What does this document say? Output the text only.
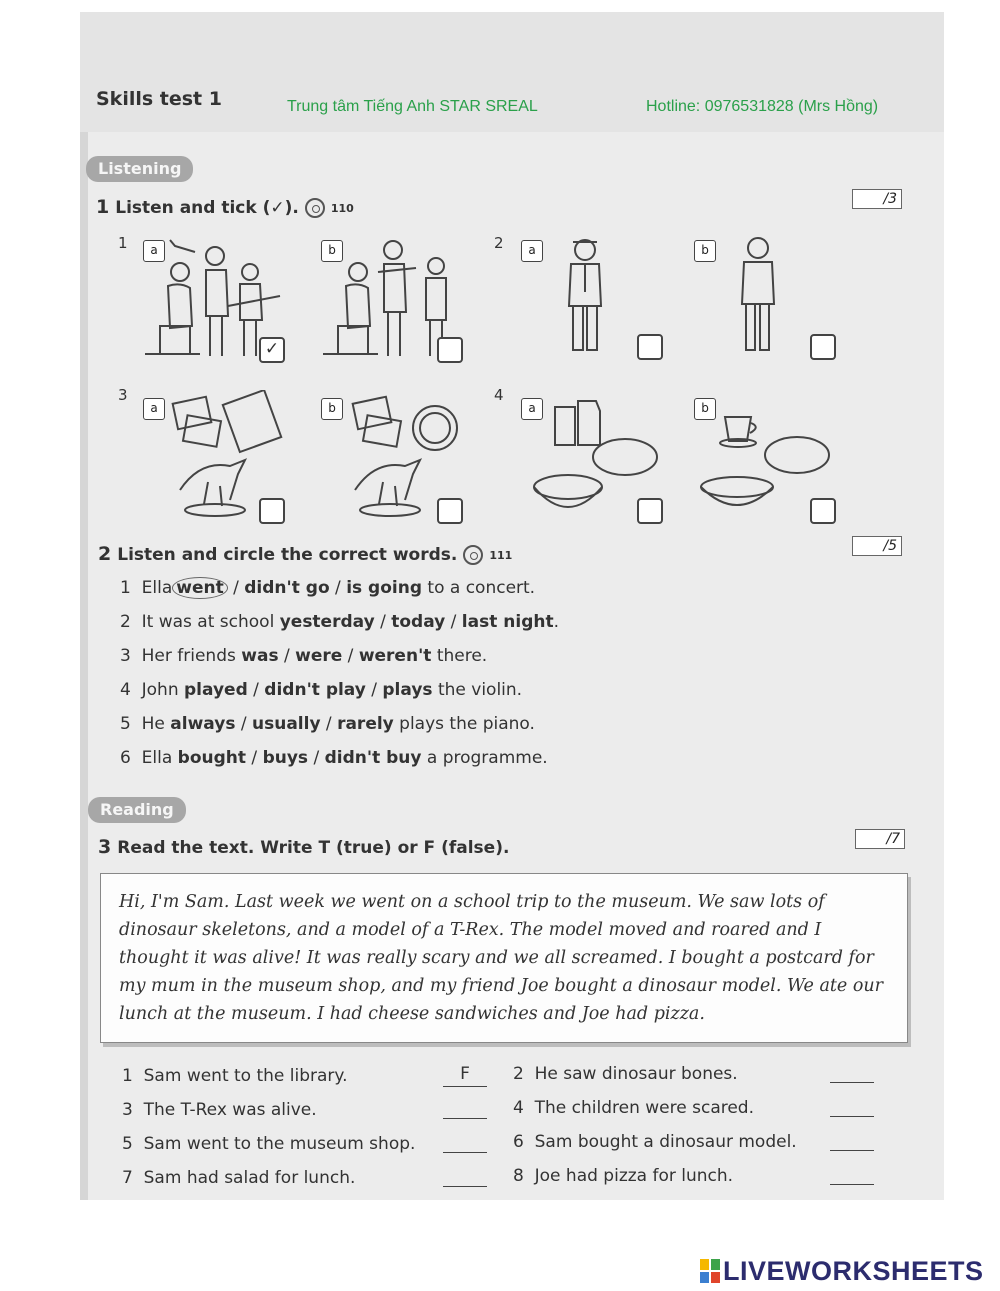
Skills test 1	Trung tâm Tiếng Anh STAR SREAL	Hotline: 0976531828 (Mrs Hồng)
Listening
1 Listen and tick (✓).	110
/3
1	a
✓
b	2	a	b
3
a	b
4
a	b
2 Listen and circle the correct words.	111
/5
1 Ella went / didn't go / is going to a concert.
2 It was at school yesterday / today / last night.
3 Her friends was / were / weren't there.
4 John played / didn't play / plays the violin.
5 He always / usually / rarely plays the piano.
6 Ella bought / buys / didn't buy a programme.
Reading
3 Read the text. Write T (true) or F (false).	/7

Hi, I'm Sam. Last week we went on a school trip to the museum. We saw lots of dinosaur skeletons, and a model of a T-Rex. The model moved and roared and I thought it was alive! It was really scary and we all screamed. I bought a postcard for my mum in the museum shop, and my friend Joe bought a dinosaur model. We ate our lunch at the museum. I had cheese sandwiches and Joe had pizza.

1 Sam went to the library.	F	2 He saw dinosaur bones.
3 The T-Rex was alive.	4 The children were scared.
5 Sam went to the museum shop.	6 Sam bought a dinosaur model.
7 Sam had salad for lunch.	8 Joe had pizza for lunch.
LIVEWORKSHEETS
